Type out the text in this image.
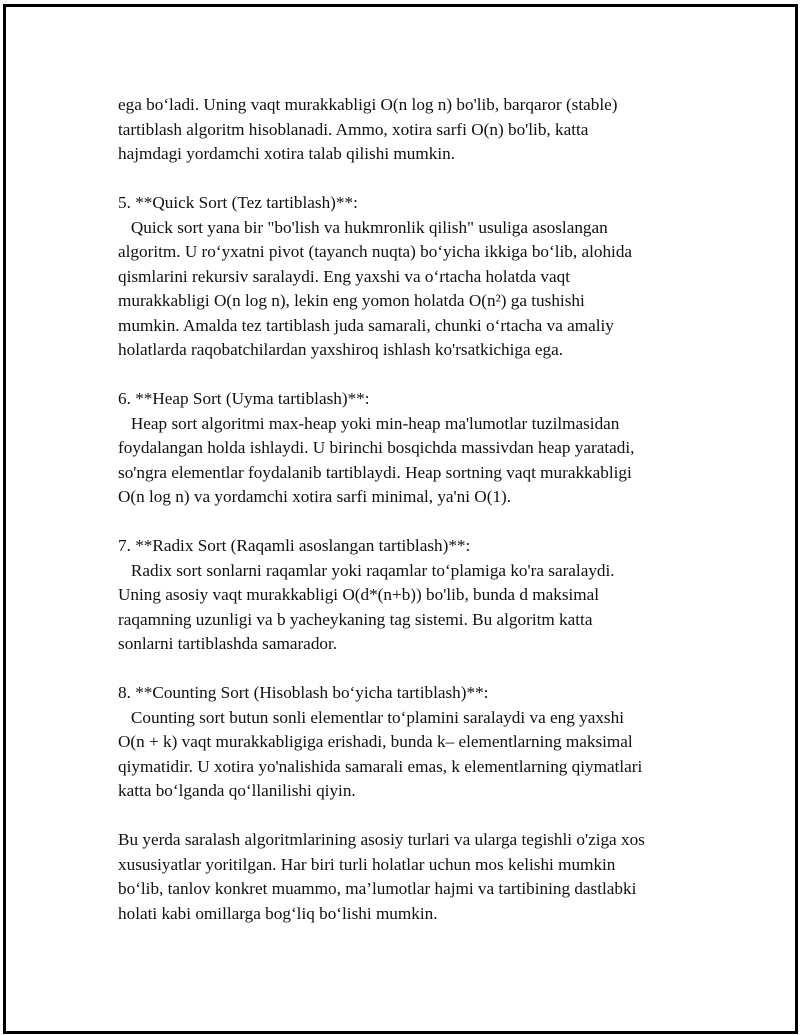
ega bo‘ladi. Uning vaqt murakkabligi O(n log n) bo'lib, barqaror (stable)
tartiblash algoritm hisoblanadi. Ammo, xotira sarfi O(n) bo'lib, katta
hajmdagi yordamchi xotira talab qilishi mumkin.
5. **Quick Sort (Tez tartiblash)**:
Quick sort yana bir "bo'lish va hukmronlik qilish" usuliga asoslangan
algoritm. U ro‘yxatni pivot (tayanch nuqta) bo‘yicha ikkiga bo‘lib, alohida
qismlarini rekursiv saralaydi. Eng yaxshi va o‘rtacha holatda vaqt
murakkabligi O(n log n), lekin eng yomon holatda O(n²) ga tushishi
mumkin. Amalda tez tartiblash juda samarali, chunki o‘rtacha va amaliy
holatlarda raqobatchilardan yaxshiroq ishlash ko'rsatkichiga ega.
6. **Heap Sort (Uyma tartiblash)**:
Heap sort algoritmi max-heap yoki min-heap ma'lumotlar tuzilmasidan
foydalangan holda ishlaydi. U birinchi bosqichda massivdan heap yaratadi,
so'ngra elementlar foydalanib tartiblaydi. Heap sortning vaqt murakkabligi
O(n log n) va yordamchi xotira sarfi minimal, ya'ni O(1).
7. **Radix Sort (Raqamli asoslangan tartiblash)**:
Radix sort sonlarni raqamlar yoki raqamlar to‘plamiga ko'ra saralaydi.
Uning asosiy vaqt murakkabligi O(d*(n+b)) bo'lib, bunda d maksimal
raqamning uzunligi va b yacheykaning tag sistemi. Bu algoritm katta
sonlarni tartiblashda samarador.
8. **Counting Sort (Hisoblash bo‘yicha tartiblash)**:
Counting sort butun sonli elementlar to‘plamini saralaydi va eng yaxshi
O(n + k) vaqt murakkabligiga erishadi, bunda k– elementlarning maksimal
qiymatidir. U xotira yo'nalishida samarali emas, k elementlarning qiymatlari
katta bo‘lganda qo‘llanilishi qiyin.
Bu yerda saralash algoritmlarining asosiy turlari va ularga tegishli o'ziga xos
xususiyatlar yoritilgan. Har biri turli holatlar uchun mos kelishi mumkin
bo‘lib, tanlov konkret muammo, ma’lumotlar hajmi va tartibining dastlabki
holati kabi omillarga bog‘liq bo‘lishi mumkin.
